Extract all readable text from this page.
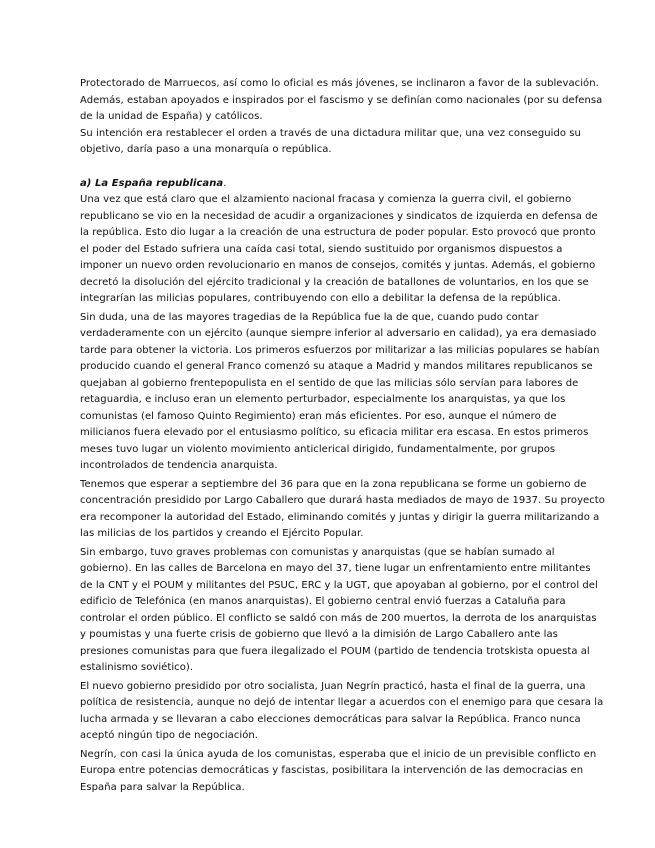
Protectorado de Marruecos, así como lo oficial es más jóvenes, se inclinaron a favor de la sublevación. Además, estaban apoyados e inspirados por el fascismo y se definían como nacionales (por su defensa de la unidad de España) y católicos.

Su intención era restablecer el orden a través de una dictadura militar que, una vez conseguido su objetivo, daría paso a una monarquía o república.

a) La España republicana.

Una vez que está claro que el alzamiento nacional fracasa y comienza la guerra civil, el gobierno republicano se vio en la necesidad de acudir a organizaciones y sindicatos de izquierda en defensa de la república. Esto dio lugar a la creación de una estructura de poder popular. Esto provocó que pronto el poder del Estado sufriera una caída casi total, siendo sustituido por organismos dispuestos a imponer un nuevo orden revolucionario en manos de consejos, comités y juntas. Además, el gobierno decretó la disolución del ejército tradicional y la creación de batallones de voluntarios, en los que se integrarían las milicias populares, contribuyendo con ello a debilitar la defensa de la república.

Sin duda, una de las mayores tragedias de la República fue la de que, cuando pudo contar verdaderamente con un ejército (aunque siempre inferior al adversario en calidad), ya era demasiado tarde para obtener la victoria. Los primeros esfuerzos por militarizar a las milicias populares se habían producido cuando el general Franco comenzó su ataque a Madrid y mandos militares republicanos se quejaban al gobierno frentepopulista en el sentido de que las milicias sólo servían para labores de retaguardia, e incluso eran un elemento perturbador, especialmente los anarquistas, ya que los comunistas (el famoso Quinto Regimiento) eran más eficientes. Por eso, aunque el número de milicianos fuera elevado por el entusiasmo político, su eficacia militar era escasa. En estos primeros meses tuvo lugar un violento movimiento anticlerical dirigido, fundamentalmente, por grupos incontrolados de tendencia anarquista.

Tenemos que esperar a septiembre del 36 para que en la zona republicana se forme un gobierno de concentración presidido por Largo Caballero que durará hasta mediados de mayo de 1937. Su proyecto era recomponer la autoridad del Estado, eliminando comités y juntas y dirigir la guerra militarizando a las milicias de los partidos y creando el Ejército Popular.

Sin embargo, tuvo graves problemas con comunistas y anarquistas (que se habían sumado al gobierno). En las calles de Barcelona en mayo del 37, tiene lugar un enfrentamiento entre militantes de la CNT y el POUM y militantes del PSUC, ERC y la UGT, que apoyaban al gobierno, por el control del edificio de Telefónica (en manos anarquistas). El gobierno central envió fuerzas a Cataluña para controlar el orden público. El conflicto se saldó con más de 200 muertos, la derrota de los anarquistas y poumistas y una fuerte crisis de gobierno que llevó a la dimisión de Largo Caballero ante las presiones comunistas para que fuera ilegalizado el POUM (partido de tendencia trotskista opuesta al estalinismo soviético).

El nuevo gobierno presidido por otro socialista, Juan Negrín practicó, hasta el final de la guerra, una política de resistencia, aunque no dejó de intentar llegar a acuerdos con el enemigo para que cesara la lucha armada y se llevaran a cabo elecciones democráticas para salvar la República. Franco nunca aceptó ningún tipo de negociación.

Negrín, con casi la única ayuda de los comunistas, esperaba que el inicio de un previsible conflicto en Europa entre potencias democráticas y fascistas, posibilitara la intervención de las democracias en España para salvar la República.
